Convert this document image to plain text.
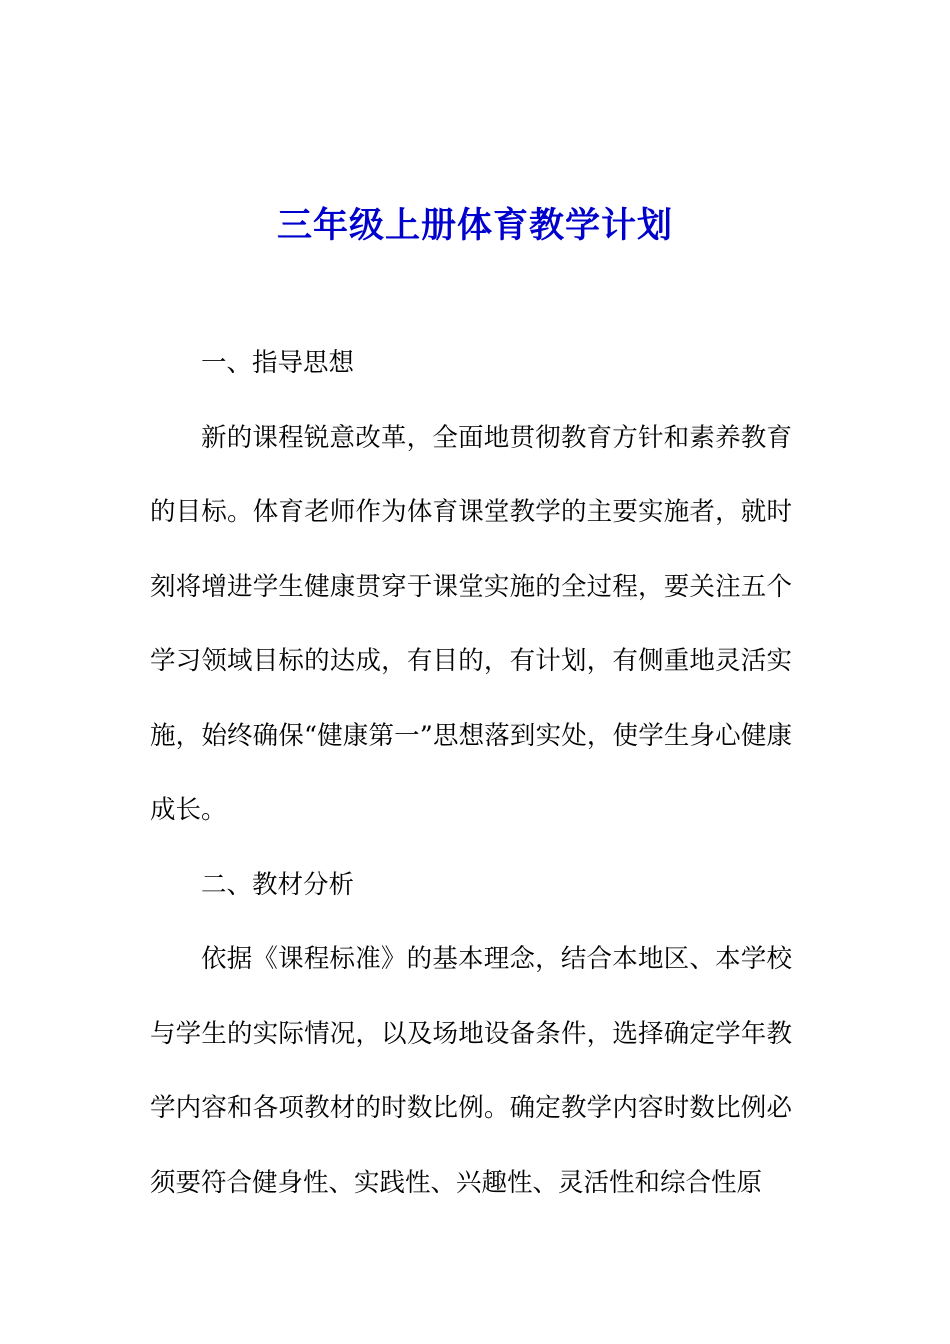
三年级上册体育教学计划

一、指导思想

新的课程锐意改革，全面地贯彻教育方针和素养教育的目标。体育老师作为体育课堂教学的主要实施者，就时刻将增进学生健康贯穿于课堂实施的全过程，要关注五个学习领域目标的达成，有目的，有计划，有侧重地灵活实施，始终确保“健康第一”思想落到实处，使学生身心健康成长。

二、教材分析

依据《课程标准》的基本理念，结合本地区、本学校与学生的实际情况，以及场地设备条件，选择确定学年教学内容和各项教材的时数比例。确定教学内容时数比例必须要符合健身性、实践性、兴趣性、灵活性和综合性原
